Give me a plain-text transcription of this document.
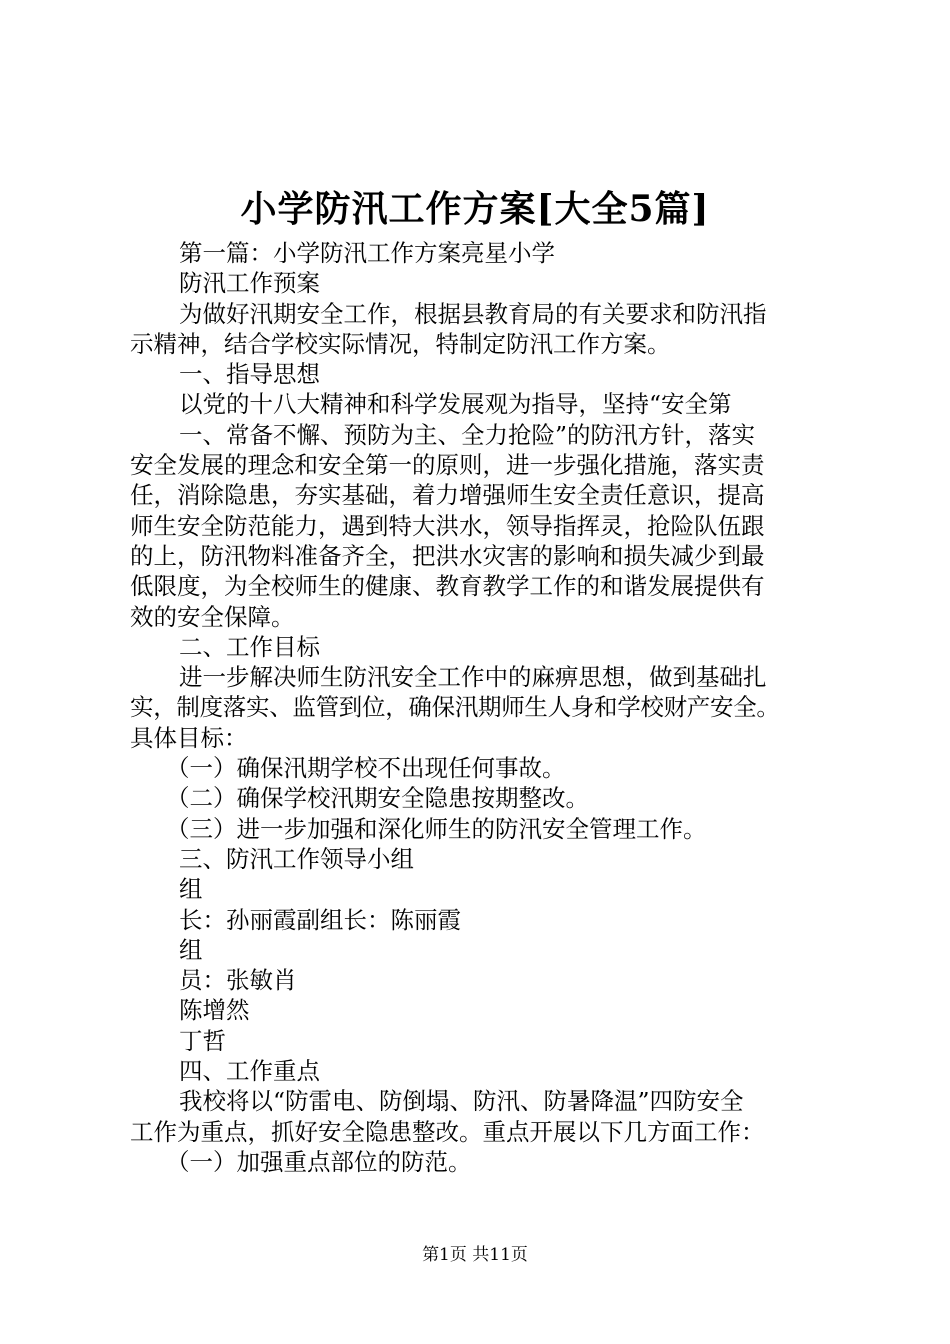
小学防汛工作方案[大全5篇]

第一篇：小学防汛工作方案亮星小学

防汛工作预案

为做好汛期安全工作，根据县教育局的有关要求和防汛指

示精神，结合学校实际情况，特制定防汛工作方案。

一、指导思想

以党的十八大精神和科学发展观为指导，坚持“安全第

一、常备不懈、预防为主、全力抢险”的防汛方针，落实

安全发展的理念和安全第一的原则，进一步强化措施，落实责

任，消除隐患，夯实基础，着力增强师生安全责任意识，提高

师生安全防范能力，遇到特大洪水，领导指挥灵，抢险队伍跟

的上，防汛物料准备齐全，把洪水灾害的影响和损失减少到最

低限度，为全校师生的健康、教育教学工作的和谐发展提供有

效的安全保障。

二、工作目标

进一步解决师生防汛安全工作中的麻痹思想，做到基础扎

实，制度落实、监管到位，确保汛期师生人身和学校财产安全。

具体目标：

（一）确保汛期学校不出现任何事故。

（二）确保学校汛期安全隐患按期整改。

（三）进一步加强和深化师生的防汛安全管理工作。

三、防汛工作领导小组

组

长：孙丽霞副组长：陈丽霞

组

员：张敏肖

陈增然

丁哲

四、工作重点

我校将以“防雷电、防倒塌、防汛、防暑降温”四防安全

工作为重点，抓好安全隐患整改。重点开展以下几方面工作：

（一）加强重点部位的防范。

第1页 共11页
